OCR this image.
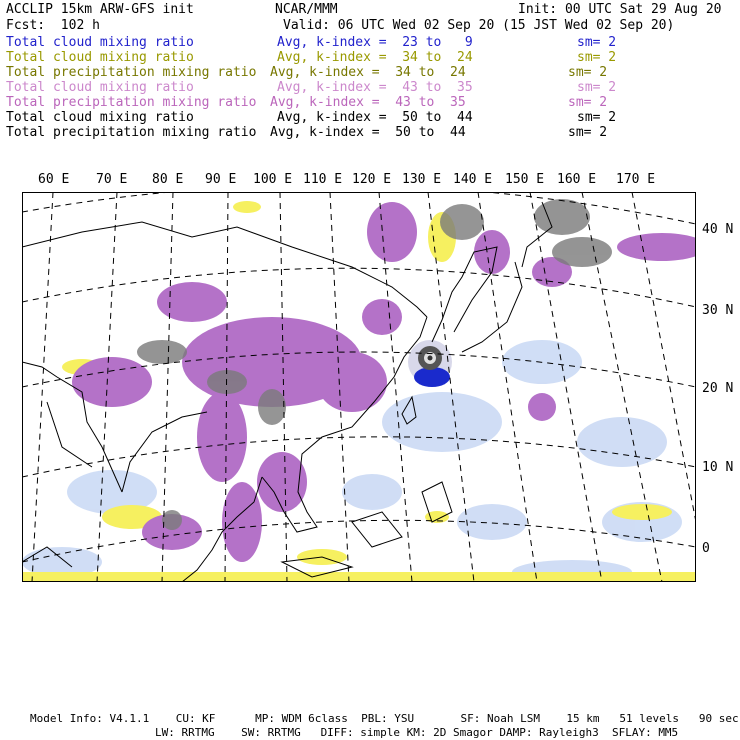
ACCLIP 15km ARW-GFS init	NCAR/MMM	Init: 00 UTC Sat 29 Aug 20
Fcst:  102 h	Valid: 06 UTC Wed 02 Sep 20 (15 JST Wed 02 Sep 20)
Total cloud mixing ratio	Avg, k-index =  23 to   9	sm= 2
Total cloud mixing ratio	Avg, k-index =  34 to  24	sm= 2
Total precipitation mixing ratio Avg, k-index =  34 to  24	sm= 2
Total cloud mixing ratio	Avg, k-index =  43 to  35	sm= 2
Total precipitation mixing ratio Avg, k-index =  43 to  35	sm= 2
Total cloud mixing ratio	Avg, k-index =  50 to  44	sm= 2
Total precipitation mixing ratio Avg, k-index =  50 to  44	sm= 2
60 E 70 E 80 E 90 E 100 E 110 E 120 E 130 E 140 E 150 E 160 E 170 E
40 N
30 N
20 N
10 N
0
Model Info: V4.1.1    CU: KF      MP: WDM 6class  PBL: YSU       SF: Noah LSM    15 km   51 levels   90 sec
LW: RRTMG    SW: RRTMG   DIFF: simple KM: 2D Smagor DAMP: Rayleigh3  SFLAY: MM5
